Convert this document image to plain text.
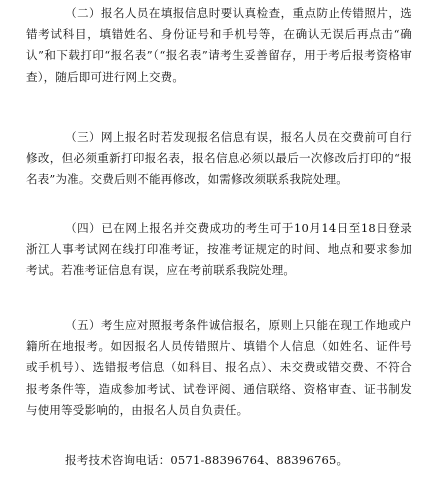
（二）报名人员在填报信息时要认真检查，重点防止传错照片，选错考试科目，填错姓名、身份证号和手机号等，在确认无误后再点击“确认”和下载打印“报名表”（“报名表”请考生妥善留存，用于考后报考资格审查），随后即可进行网上交费。

（三）网上报名时若发现报名信息有误，报名人员在交费前可自行修改，但必须重新打印报名表，报名信息必须以最后一次修改后打印的“报名表”为准。交费后则不能再修改，如需修改须联系我院处理。

（四）已在网上报名并交费成功的考生可于10月14日至18日登录浙江人事考试网在线打印准考证，按准考证规定的时间、地点和要求参加考试。若准考证信息有误，应在考前联系我院处理。

（五）考生应对照报考条件诚信报名，原则上只能在现工作地或户籍所在地报考。如因报名人员传错照片、填错个人信息（如姓名、证件号或手机号）、选错报考信息（如科目、报名点）、未交费或错交费、不符合报考条件等，造成参加考试、试卷评阅、通信联络、资格审查、证书制发与使用等受影响的，由报名人员自负责任。

报考技术咨询电话：0571-88396764、88396765。
